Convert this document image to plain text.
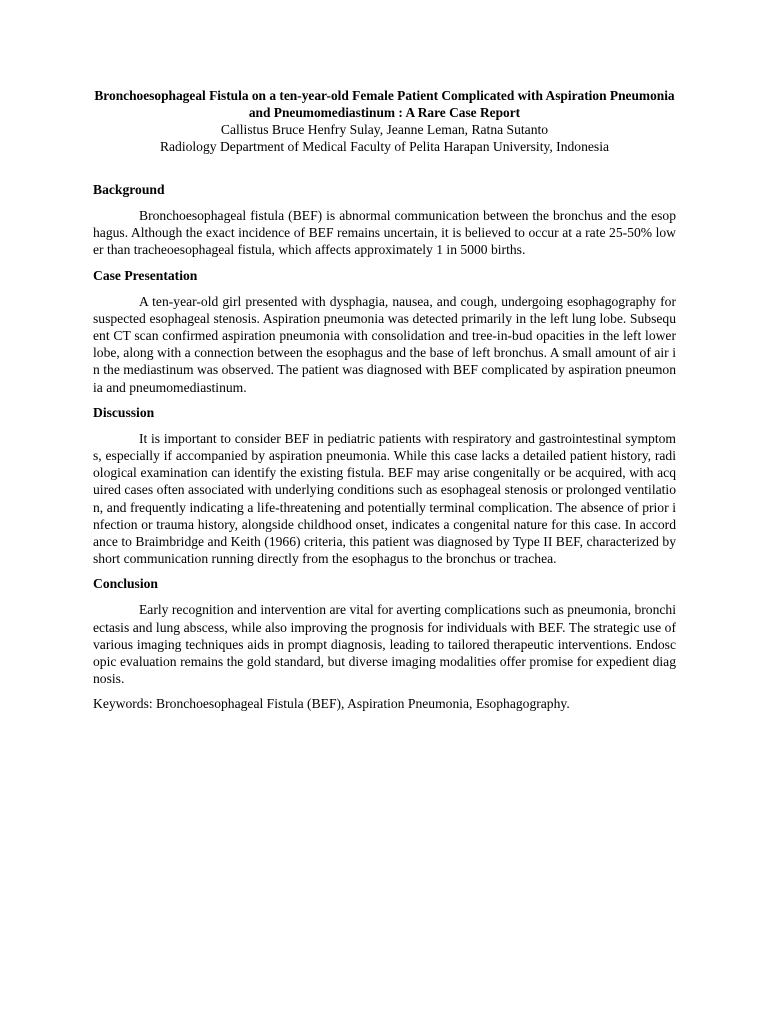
Bronchoesophageal Fistula on a ten-year-old Female Patient Complicated with Aspiration Pneumonia and Pneumomediastinum : A Rare Case Report

Callistus Bruce Henfry Sulay, Jeanne Leman, Ratna Sutanto

Radiology Department of Medical Faculty of Pelita Harapan University, Indonesia

Background

Bronchoesophageal fistula (BEF) is abnormal communication between the bronchus and the esophagus. Although the exact incidence of BEF remains uncertain, it is believed to occur at a rate 25-50% lower than tracheoesophageal fistula, which affects approximately 1 in 5000 births.

Case Presentation

A ten-year-old girl presented with dysphagia, nausea, and cough, undergoing esophagography for suspected esophageal stenosis. Aspiration pneumonia was detected primarily in the left lung lobe. Subsequent CT scan confirmed aspiration pneumonia with consolidation and tree-in-bud opacities in the left lower lobe, along with a connection between the esophagus and the base of left bronchus. A small amount of air in the mediastinum was observed. The patient was diagnosed with BEF complicated by aspiration pneumonia and pneumomediastinum.

Discussion

It is important to consider BEF in pediatric patients with respiratory and gastrointestinal symptoms, especially if accompanied by aspiration pneumonia. While this case lacks a detailed patient history, radiological examination can identify the existing fistula. BEF may arise congenitally or be acquired, with acquired cases often associated with underlying conditions such as esophageal stenosis or prolonged ventilation, and frequently indicating a life-threatening and potentially terminal complication. The absence of prior infection or trauma history, alongside childhood onset, indicates a congenital nature for this case. In accordance to Braimbridge and Keith (1966) criteria, this patient was diagnosed by Type II BEF, characterized by short communication running directly from the esophagus to the bronchus or trachea.

Conclusion

Early recognition and intervention are vital for averting complications such as pneumonia, bronchiectasis and lung abscess, while also improving the prognosis for individuals with BEF. The strategic use of various imaging techniques aids in prompt diagnosis, leading to tailored therapeutic interventions. Endoscopic evaluation remains the gold standard, but diverse imaging modalities offer promise for expedient diagnosis.

Keywords: Bronchoesophageal Fistula (BEF), Aspiration Pneumonia, Esophagography.
